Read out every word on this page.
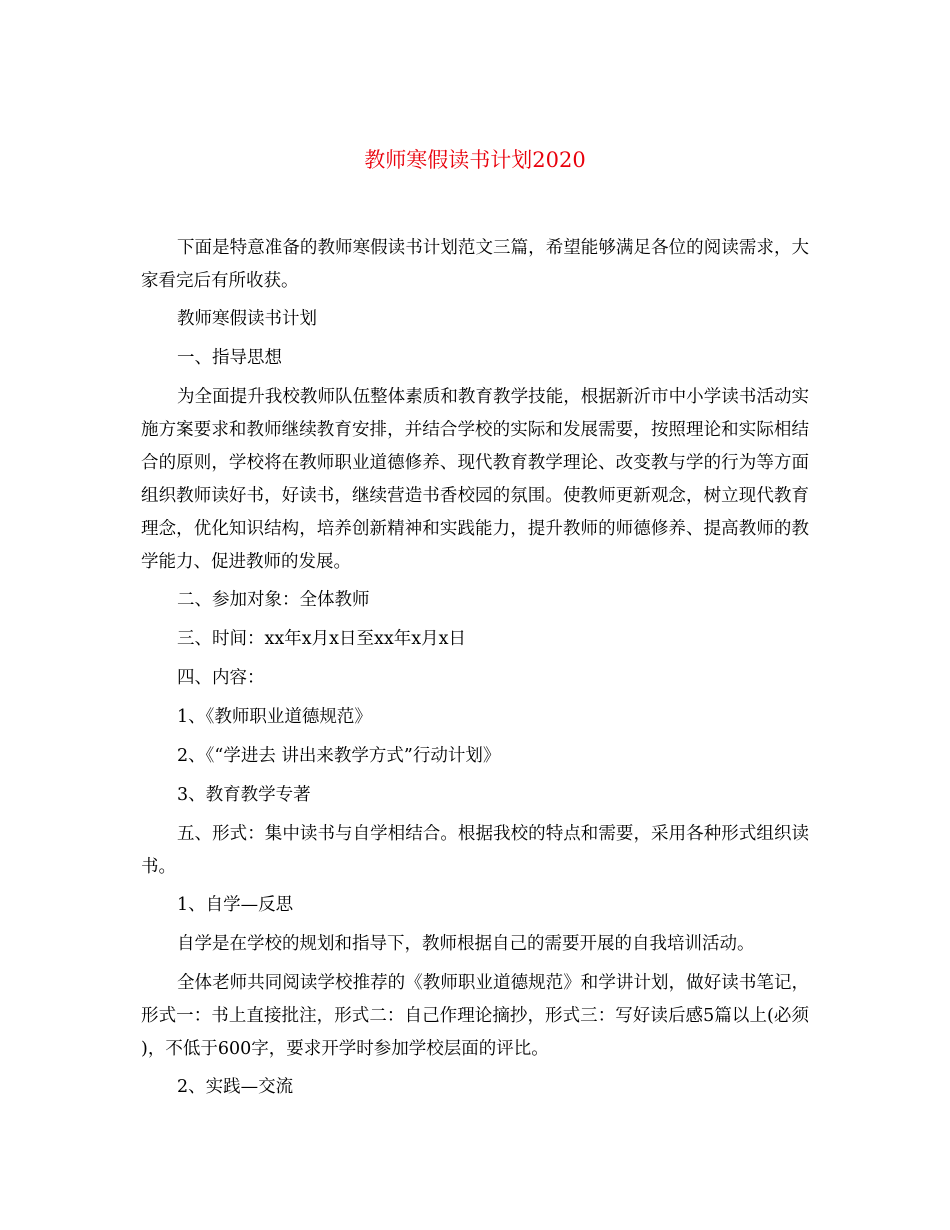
教师寒假读书计划2020

下面是特意准备的教师寒假读书计划范文三篇，希望能够满足各位的阅读需求，大家看完后有所收获。

教师寒假读书计划

一、指导思想

为全面提升我校教师队伍整体素质和教育教学技能，根据新沂市中小学读书活动实施方案要求和教师继续教育安排，并结合学校的实际和发展需要，按照理论和实际相结合的原则，学校将在教师职业道德修养、现代教育教学理论、改变教与学的行为等方面组织教师读好书，好读书，继续营造书香校园的氛围。使教师更新观念，树立现代教育理念，优化知识结构，培养创新精神和实践能力，提升教师的师德修养、提高教师的教学能力、促进教师的发展。

二、参加对象：全体教师

三、时间：xx年x月x日至xx年x月x日

四、内容：

1、《教师职业道德规范》

2、《“学进去 讲出来教学方式”行动计划》

3、教育教学专著

五、形式：集中读书与自学相结合。根据我校的特点和需要，采用各种形式组织读书。

1、自学—反思

自学是在学校的规划和指导下，教师根据自己的需要开展的自我培训活动。

全体老师共同阅读学校推荐的《教师职业道德规范》和学讲计划，做好读书笔记，形式一：书上直接批注，形式二：自己作理论摘抄，形式三：写好读后感5篇以上(必须)，不低于600字，要求开学时参加学校层面的评比。

2、实践—交流
